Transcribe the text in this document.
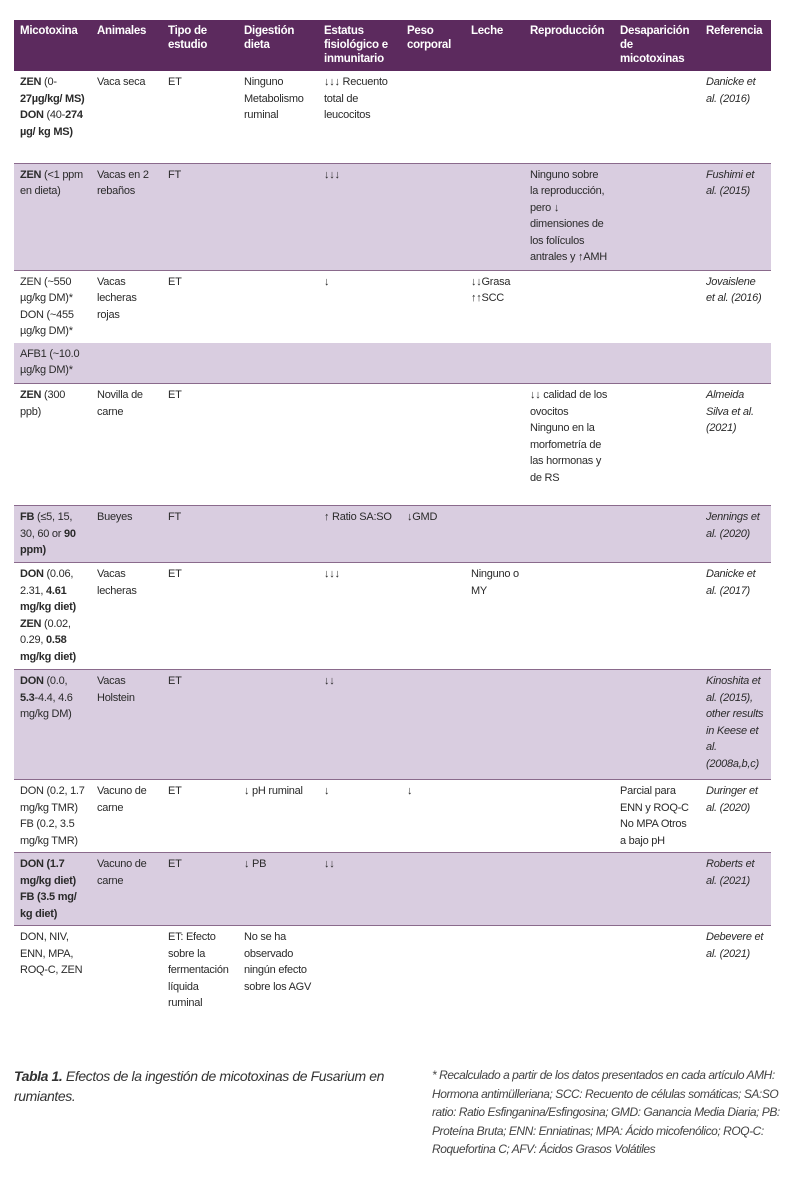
Micotoxina	Animales	Tipo de estudio	Digestión dieta	Estatus fisiológico e inmunitario	Peso corporal	Leche	Reproducción	Desaparición de micotoxinas	Referencia
ZEN (0-27µg/kg/ MS) DON (40-274 µg/ kg MS)	Vaca seca	ET	Ninguno Metabolismo ruminal	↓↓↓ Recuento total de leucocitos					Danicke et al. (2016)
ZEN (<1 ppm en dieta)	Vacas en 2 rebaños	FT		↓↓↓			Ninguno sobre la reproducción, pero ↓ dimensiones de los folículos antrales y ↑AMH		Fushimi et al. (2015)
ZEN (~550 µg/kg DM)* DON (~455 µg/kg DM)*	Vacas lecheras rojas	ET		↓		↓↓Grasa ↑↑SCC			Jovaislene et al. (2016)
AFB1 (~10.0 µg/kg DM)*									
ZEN (300 ppb)	Novilla de carne	ET					↓↓ calidad de los ovocitos Ninguno en la morfometría de las hormonas y de RS		Almeida Silva et al. (2021)
FB (≤5, 15, 30, 60 or 90 ppm)	Bueyes	FT		↑ Ratio SA:SO	↓GMD				Jennings et al. (2020)
DON (0.06, 2.31, 4.61 mg/kg diet) ZEN (0.02, 0.29, 0.58 mg/kg diet)	Vacas lecheras	ET		↓↓↓		Ninguno o MY			Danicke et al. (2017)
DON (0.0, 5.3-4.4, 4.6 mg/kg DM)	Vacas Holstein	ET		↓↓					Kinoshita et al. (2015), other results in Keese et al. (2008a,b,c)
DON (0.2, 1.7 mg/kg TMR) FB (0.2, 3.5 mg/kg TMR)	Vacuno de carne	ET	↓ pH ruminal	↓	↓			Parcial para ENN y ROQ-C No MPA Otros a bajo pH	Duringer et al. (2020)
DON (1.7 mg/kg diet) FB (3.5 mg/ kg diet)	Vacuno de carne	ET	↓ PB	↓↓					Roberts et al. (2021)
DON, NIV, ENN, MPA, ROQ-C, ZEN		ET: Efecto sobre la fermentación líquida ruminal	No se ha observado ningún efecto sobre los AGV						Debevere et al. (2021)
Tabla 1. Efectos de la ingestión de micotoxinas de Fusarium en rumiantes.
* Recalculado a partir de los datos presentados en cada artículo AMH: Hormona antimülleriana; SCC: Recuento de células somáticas; SA:SO ratio: Ratio Esfinganina/Esfingosina; GMD: Ganancia Media Diaria; PB: Proteína Bruta; ENN: Enniatinas; MPA: Ácido micofenólico; ROQ-C: Roquefortina C; AFV: Ácidos Grasos Volátiles
